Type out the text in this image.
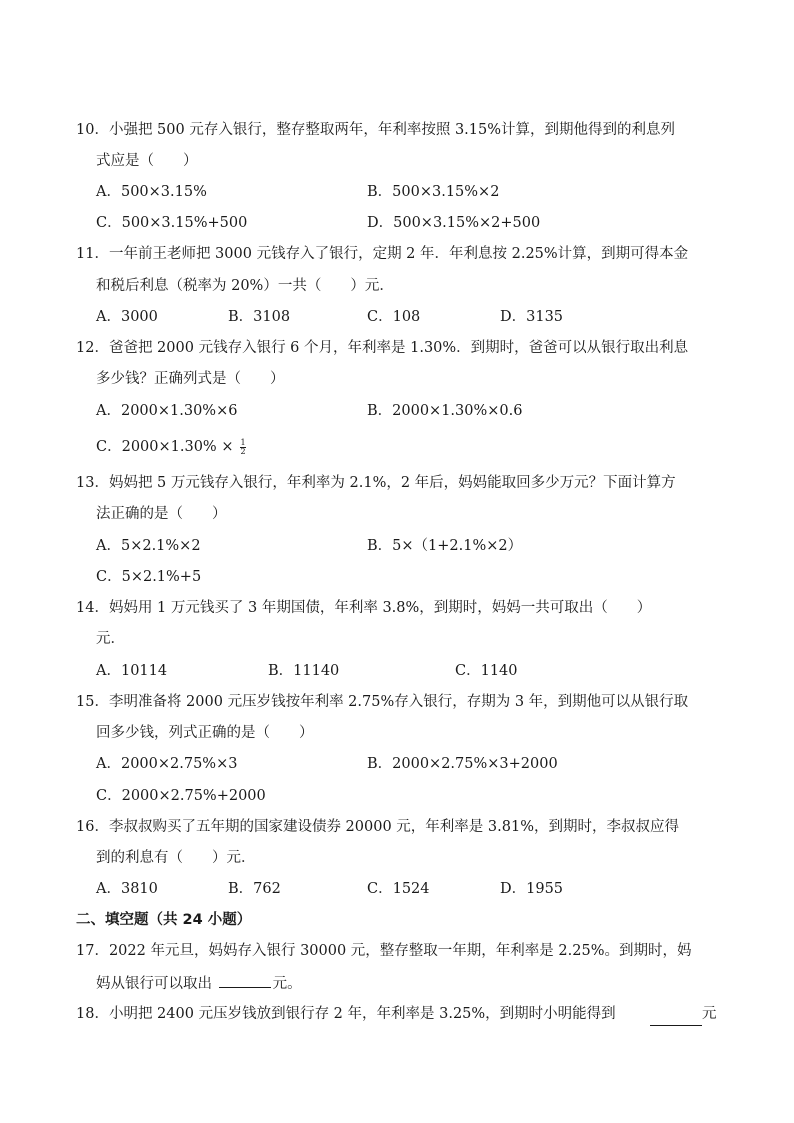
10．小强把 500 元存入银行，整存整取两年，年利率按照 3.15%计算，到期他得到的利息列
式应是（　　）
A．500×3.15%	B．500×3.15%×2
C．500×3.15%+500	D．500×3.15%×2+500
11．一年前王老师把 3000 元钱存入了银行，定期 2 年．年利息按 2.25%计算，到期可得本金
和税后利息（税率为 20%）一共（　　）元．
A．3000	B．3108	C．108	D．3135
12．爸爸把 2000 元钱存入银行 6 个月，年利率是 1.30%．到期时，爸爸可以从银行取出利息
多少钱？正确列式是（　　）
A．2000×1.30%×6	B．2000×1.30%×0.6
C．$2000\times 1.30\% \times \frac{1}{2}$
13．妈妈把 5 万元钱存入银行，年利率为 2.1%，2 年后，妈妈能取回多少万元？下面计算方
法正确的是（　　）
A．5×2.1%×2	B．5×（1+2.1%×2）
C．5×2.1%+5
14．妈妈用 1 万元钱买了 3 年期国债，年利率 3.8%，到期时，妈妈一共可取出（　　）
元．
A．10114	B．11140	C．1140
15．李明准备将 2000 元压岁钱按年利率 2.75%存入银行，存期为 3 年，到期他可以从银行取
回多少钱，列式正确的是（　　）
A．2000×2.75%×3	B．2000×2.75%×3+2000
C．2000×2.75%+2000
16．李叔叔购买了五年期的国家建设债券 20000 元，年利率是 3.81%，到期时，李叔叔应得
到的利息有（　　）元．
A．3810	B．762	C．1524	D．1955
二、填空题（共 24 小题）
17．2022 年元旦，妈妈存入银行 30000 元，整存整取一年期，年利率是 2.25%。到期时，妈
妈从银行可以取出	元。
18．小明把 2400 元压岁钱放到银行存 2 年，年利率是 3.25%，到期时小明能得到	元
